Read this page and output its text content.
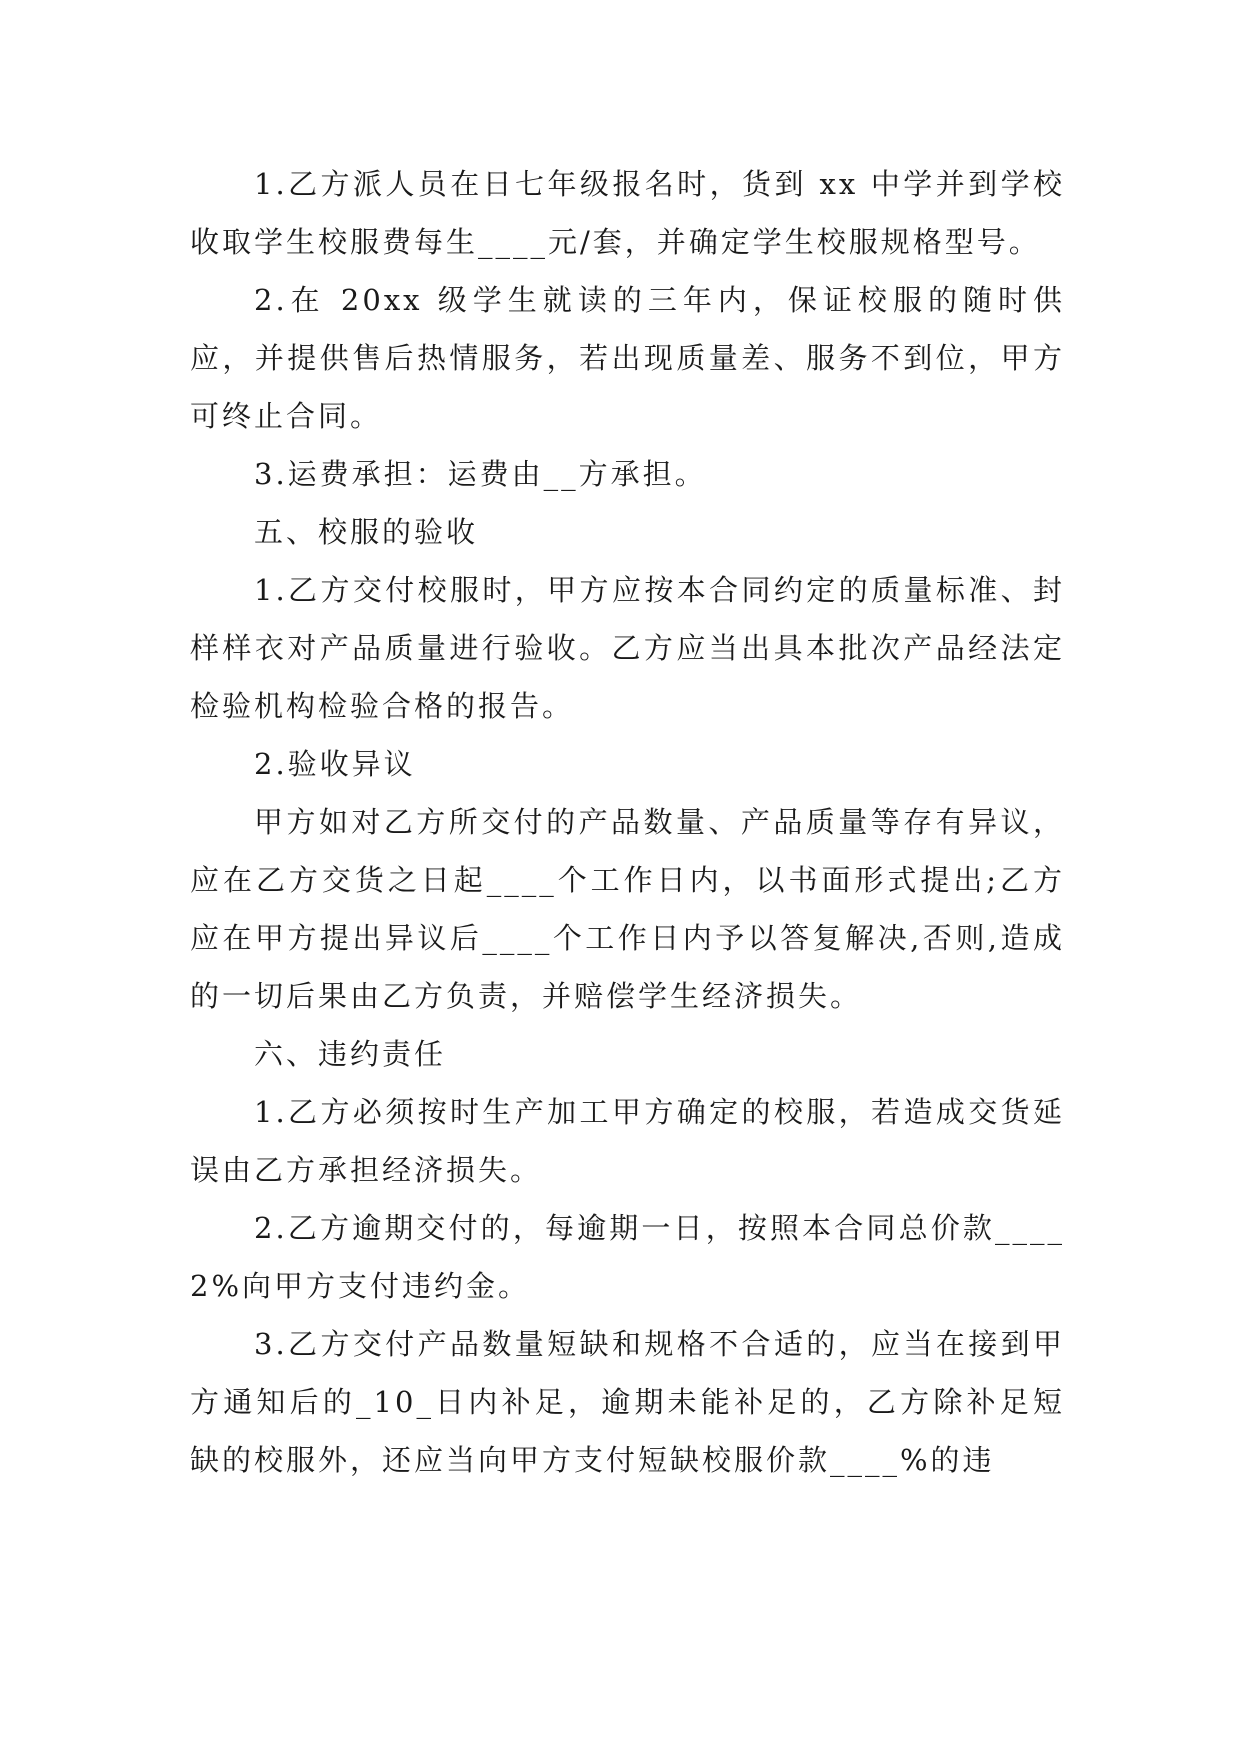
1.乙方派人员在日七年级报名时，货到 xx 中学并到学校收取学生校服费每生____元/套，并确定学生校服规格型号。

2.在 20xx 级学生就读的三年内，保证校服的随时供应，并提供售后热情服务，若出现质量差、服务不到位，甲方可终止合同。

3.运费承担：运费由__方承担。

五、校服的验收

1.乙方交付校服时，甲方应按本合同约定的质量标准、封样样衣对产品质量进行验收。乙方应当出具本批次产品经法定检验机构检验合格的报告。

2.验收异议

甲方如对乙方所交付的产品数量、产品质量等存有异议，应在乙方交货之日起____个工作日内，以书面形式提出;乙方应在甲方提出异议后____个工作日内予以答复解决,否则,造成的一切后果由乙方负责，并赔偿学生经济损失。

六、违约责任

1.乙方必须按时生产加工甲方确定的校服，若造成交货延误由乙方承担经济损失。

2.乙方逾期交付的，每逾期一日，按照本合同总价款____2%向甲方支付违约金。

3.乙方交付产品数量短缺和规格不合适的，应当在接到甲方通知后的_10_日内补足，逾期未能补足的，乙方除补足短缺的校服外，还应当向甲方支付短缺校服价款____%的违
